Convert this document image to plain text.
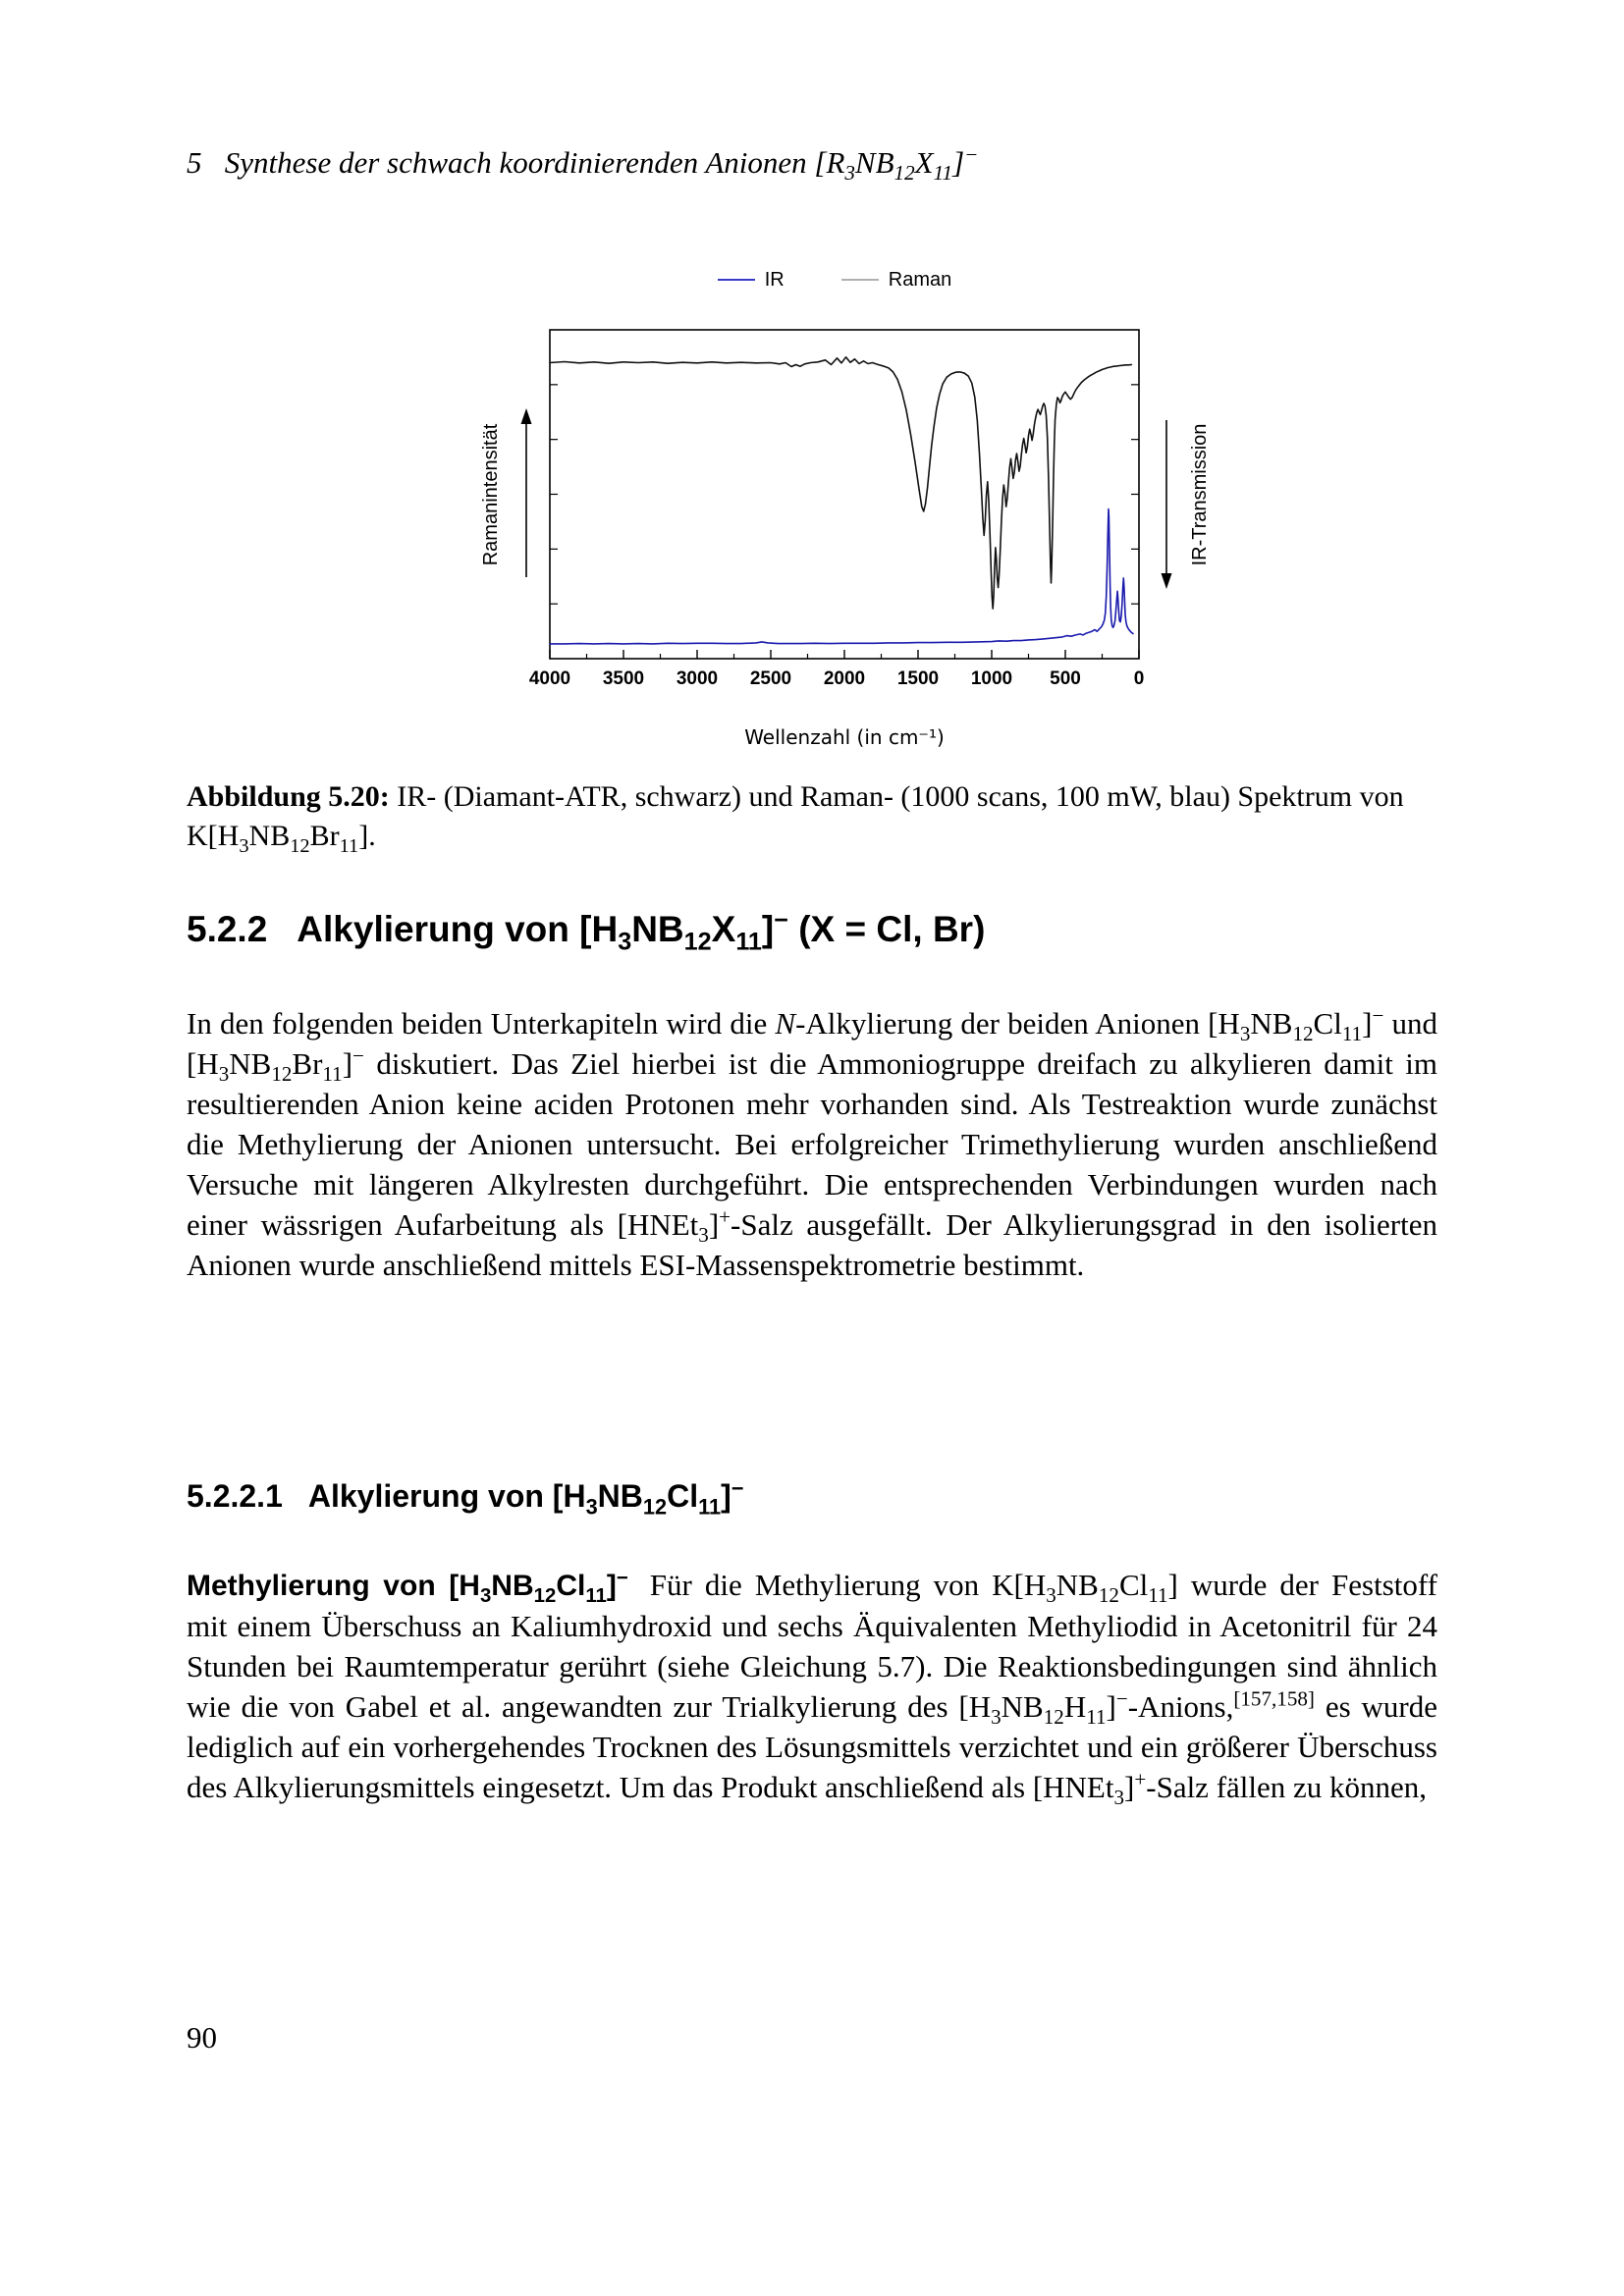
5   Synthese der schwach koordinierenden Anionen $[R_3NB_{12}X_{11}]^-$
IR	Raman
Ramanintensität	IR-Transmission
Wellenzahl (in cm⁻¹)
4000 3500 3000 2500 2000 1500 1000 500	0
Abbildung 5.20: IR- (Diamant-ATR, schwarz) und Raman- (1000 scans, 100 mW, blau) Spektrum von $K[H_3NB_{12}Br_{11}]$.
5.2.2 Alkylierung von $[H_3NB_{12}X_{11}]^-$ (X = Cl, Br)

In den folgenden beiden Unterkapiteln wird die N-Alkylierung der beiden Anionen $[H_3NB_{12}Cl_{11}]^-$ und $[H_3NB_{12}Br_{11}]^-$ diskutiert. Das Ziel hierbei ist die Ammoniogruppe dreifach zu alkylieren damit im resultierenden Anion keine aciden Protonen mehr vorhanden sind. Als Testreaktion wurde zunächst die Methylierung der Anionen untersucht. Bei erfolgreicher Trimethylierung wurden anschließend Versuche mit längeren Alkylresten durchgeführt. Die entsprechenden Verbindungen wurden nach einer wässrigen Aufarbeitung als [HNEt$_3$]+-Salz ausgefällt. Der Alkylierungsgrad in den isolierten Anionen wurde anschließend mittels ESI-Massenspektrometrie bestimmt.

5.2.2.1 Alkylierung von $[H_3NB_{12}Cl_{11}]^-$

Methylierung von $[H_3NB_{12}Cl_{11}]^-$ Für die Methylierung von $K[H_3NB_{12}Cl_{11}]$ wurde der Feststoff mit einem Überschuss an Kaliumhydroxid und sechs Äquivalenten Methyliodid in Acetonitril für 24 Stunden bei Raumtemperatur gerührt (siehe Gleichung 5.7). Die Reaktionsbedingungen sind ähnlich wie die von Gabel et al. angewandten zur Trialkylierung des $[H_3NB_{12}H_{11}]^--Anions,[157,158]$ es wurde lediglich auf ein vorhergehendes Trocknen des Lösungsmittels verzichtet und ein größerer Überschuss des Alkylierungsmittels eingesetzt. Um das Produkt anschließend als [HNEt$_3$]+-Salz fällen zu können,

90
